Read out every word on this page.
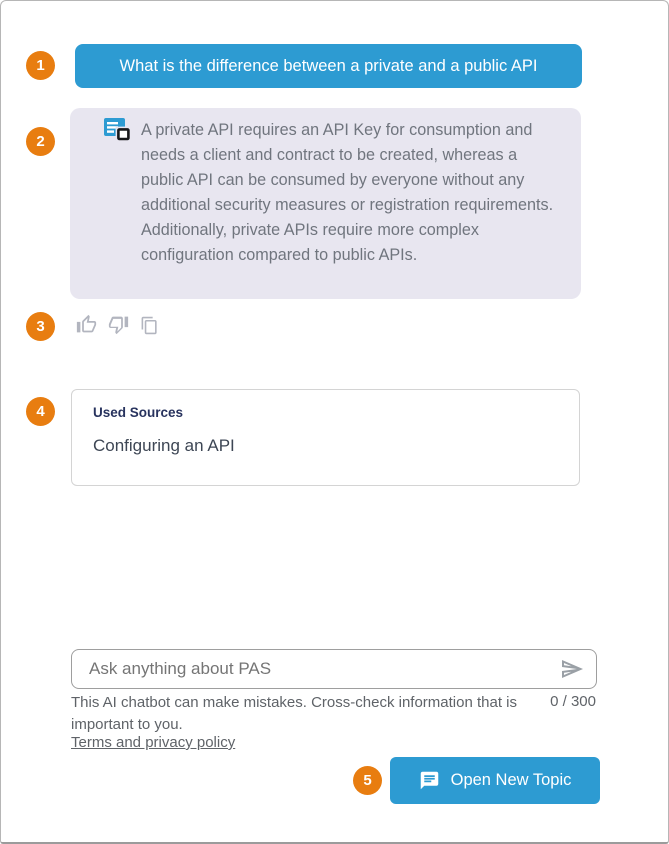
1
2
3
4
5
What is the difference between a private and a public API

A private API requires an API Key for consumption and needs a client and contract to be created, whereas a public API can be consumed by everyone without any additional security measures or registration requirements. Additionally, private APIs require more complex configuration compared to public APIs.

Used Sources
Configuring an API
Ask anything about PAS
This AI chatbot can make mistakes. Cross-check information that is important to you.
0 / 300
Terms and privacy policy
Open New Topic
